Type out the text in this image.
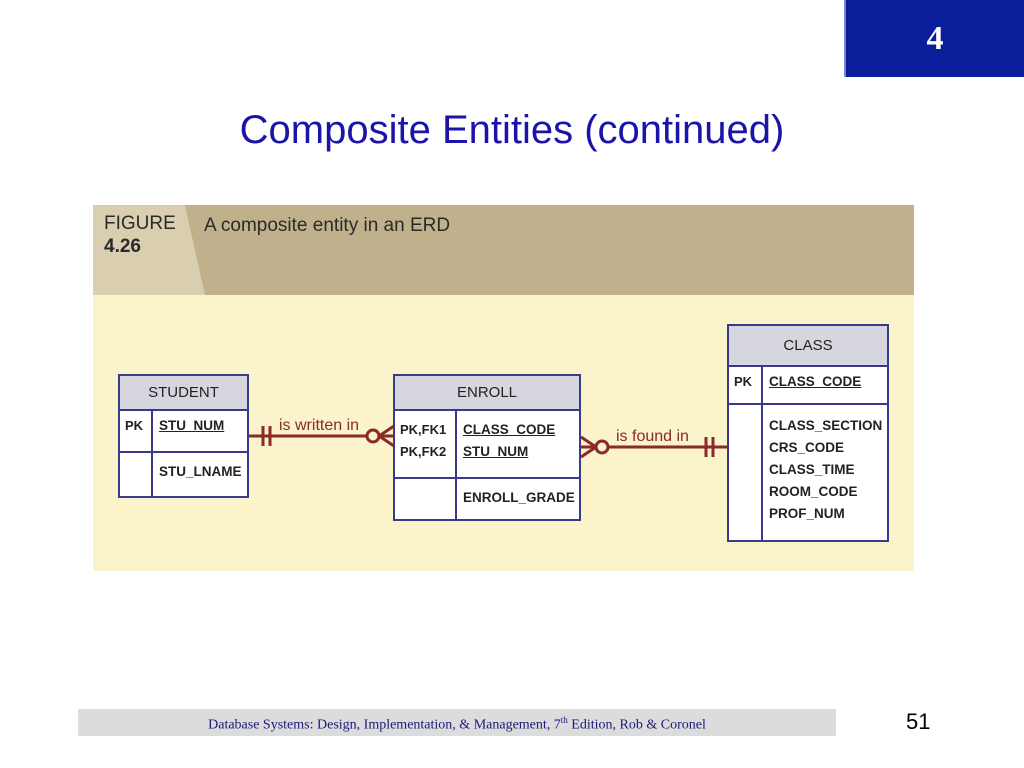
4
Composite Entities (continued)
FIGURE
4.26
A composite entity in an ERD
is written in
is found in
STUDENT
PK	STU_NUM
STU_LNAME
ENROLL
PK,FK1
PK,FK2
CLASS_CODE
STU_NUM
ENROLL_GRADE
CLASS
PK	CLASS_CODE
CLASS_SECTION
CRS_CODE
CLASS_TIME
ROOM_CODE
PROF_NUM
Database Systems: Design, Implementation, & Management, 7th Edition, Rob & Coronel	51
